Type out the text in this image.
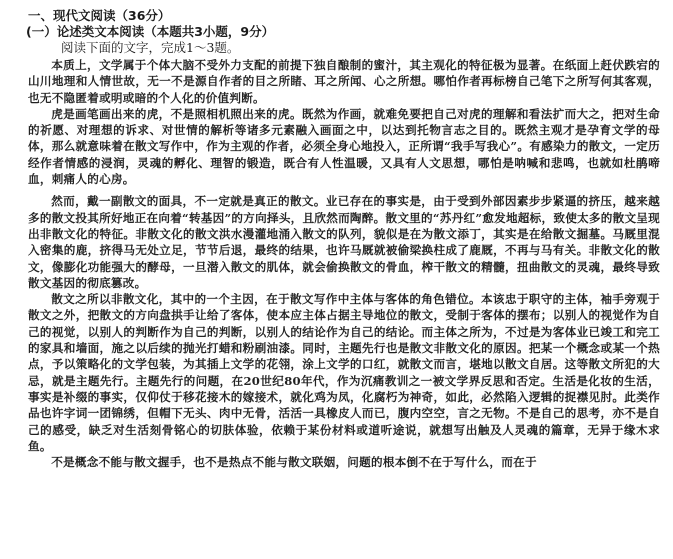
一、现代文阅读（36分）

(一）论述类文本阅读（本题共3小题，9分）

阅读下面的文字，完成1～3题。

本质上，文学属于个体大脑不受外力支配的前提下独自酿制的蜜汁，其主观化的特征极为显著。在纸面上赶伏跌宕的山川地理和人情世故，无一不是源自作者的目之所睹、耳之所闻、心之所想。哪怕作者再标榜自己笔下之所写何其客观，也无不隐匿着或明或暗的个人化的价值判断。

虎是画笔画出来的虎，不是照相机照出来的虎。既然为作画，就难免要把自己对虎的理解和看法扩而大之，把对生命的祈愿、对理想的诉求、对世情的解析等诸多元素融入画面之中，以达到托物言志之目的。既然主观才是孕育文学的母体，那么就意味着在散文写作中，作为主观的作者，必须全身心地投入，正所谓“我手写我心”。有感染力的散文，一定历经作者情感的浸润，灵魂的孵化、理智的锻造，既合有人性温暖，又具有人文思想，哪怕是呐喊和悲鸣，也就如杜鹃啼血，刺痛人的心房。

然而，戴一副散文的面具，不一定就是真正的散文。业已存在的事实是，由于受到外部因素步步紧逼的挤压，越来越多的散文投其所好地正在向着“转基因”的方向择头，且欣然而陶醉。散文里的“苏丹红”愈发地超标，致使太多的散文呈现出非散文化的特征。非散文化的散文洪水漫灌地涌入散文的队列，貌似是在为散文添丁，其实是在给散文掘墓。马厩里混入密集的鹿，挤得马无处立足，节节后退，最终的结果，也许马厩就被偷梁换柱成了鹿厩，不再与马有关。非散文化的散文，像膨化功能强大的酵母，一旦潜入散文的肌体，就会偷换散文的骨血，榨干散文的精髓，扭曲散文的灵魂，最终导致散文基因的彻底篡改。

散文之所以非散文化，其中的一个主因，在于散文写作中主体与客体的角色错位。本该忠于职守的主体，袖手旁观于散文之外，把散文的方向盘拱手让给了客体，使本应主体占据主导地位的散文，受制于客体的摆布；以别人的视觉作为自己的视觉，以别人的判断作为自己的判断，以别人的结论作为自己的结论。而主体之所为，不过是为客体业已竣工和完工的家具和墙面，施之以后续的抛光打蜡和粉刷油漆。同时，主题先行也是散文非散文化的原因。把某一个概念或某一个热点，予以策略化的文学包装，为其插上文学的花翎，涂上文学的口红，就散文而言，堪地以散文自居。这等散文所犯的大忌，就是主题先行。主题先行的问题，在20世纪80年代，作为沉痛教训之一被文学界反思和否定。生活是化妆的生活，事实是补缀的事实，仅仰仗于移花接木的嫁接术，就化鸡为凤，化腐朽为神奇，如此，必然陷入逻辑的捉襟见肘。此类作品也许字词一团锦绣，但帽下无头、肉中无骨，活活一具橡皮人而已，腹内空空，言之无物。不是自己的思考，亦不是自己的感受，缺乏对生活刻骨铭心的切肤体验，依赖于某份材料或道听途说，就想写出触及人灵魂的篇章，无异于缘木求鱼。

不是概念不能与散文握手，也不是热点不能与散文联姻，问题的根本倒不在于写什么，而在于
